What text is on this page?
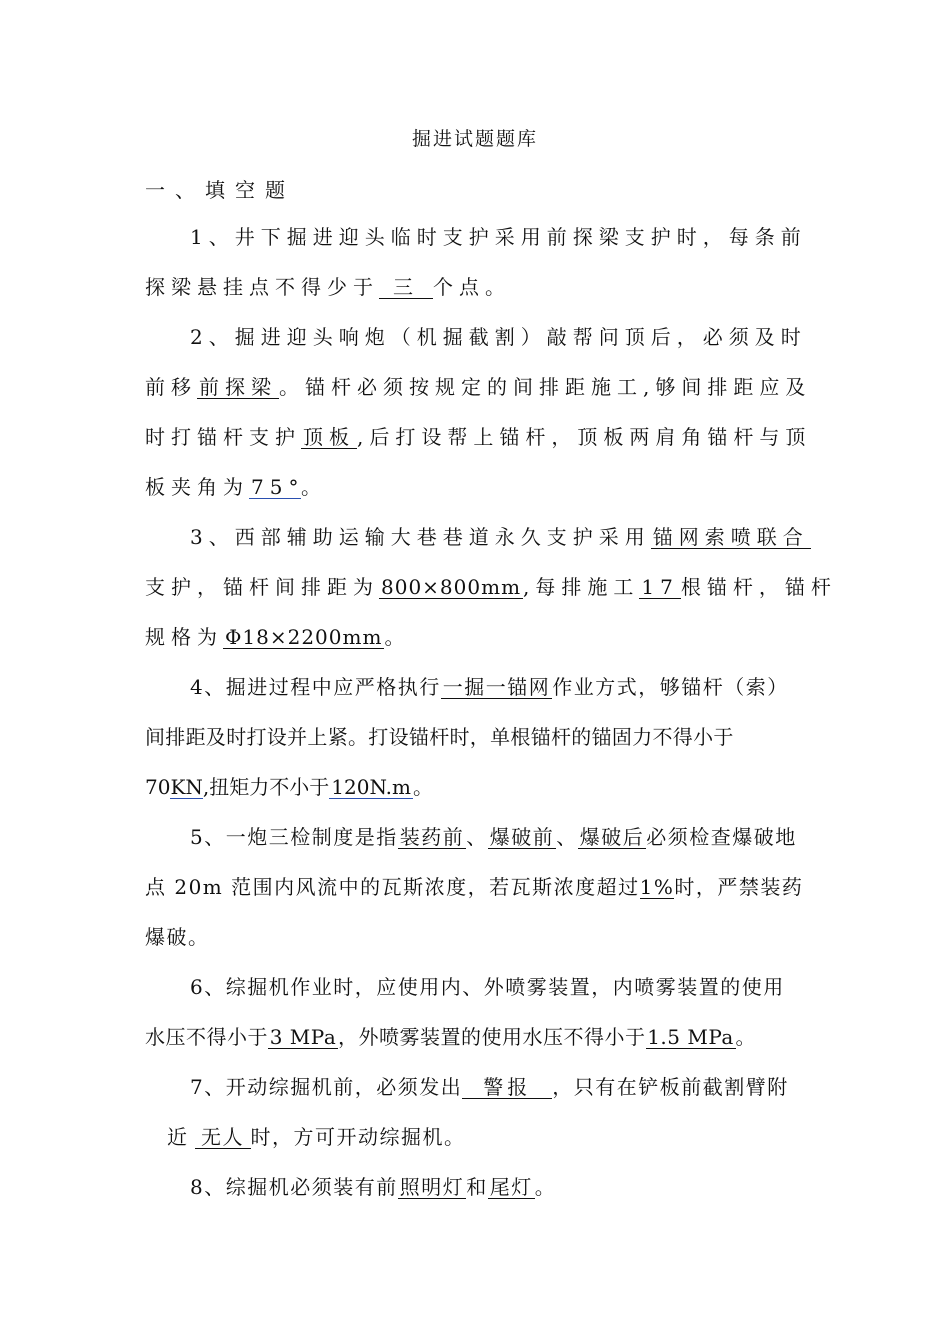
掘进试题题库
一、填空题
1、井下掘进迎头临时支护采用前探梁支护时，每条前
探梁悬挂点不得少于 三 个点。
2、掘进迎头响炮（机掘截割）敲帮问顶后，必须及时
前移 前探梁 。锚杆必须按规定的间排距施工,够间排距应及
时打锚杆支护 顶板 ,后打设帮上锚杆，顶板两肩角锚杆与顶
板夹角为 75°。
3、西部辅助运输大巷巷道永久支护采用 锚网索喷联合
支护，锚杆间排距为 800×800mm ,每排施工 17 根锚杆，锚杆
规格为 Φ18×2200mm 。
4、掘进过程中应严格执行 一掘一锚网 作业方式，够锚杆（索）
间排距及时打设并上紧。打设锚杆时，单根锚杆的锚固力不得小于
70KN,扭矩力不小于 120N.m 。
5、一炮三检制度是指 装药前 、 爆破前 、 爆破后 必须检查爆破地
点 20m 范围内风流中的瓦斯浓度，若瓦斯浓度超过1%时，严禁装药
爆破。
6、综掘机作业时，应使用内、外喷雾装置，内喷雾装置的使用
水压不得小于3 MPa，外喷雾装置的使用水压不得小于1.5 MPa。
7、开动综掘机前，必须发出 警报 ，只有在铲板前截割臂附
近 无人 时，方可开动综掘机。
8、综掘机必须装有前 照明灯 和 尾灯 。
